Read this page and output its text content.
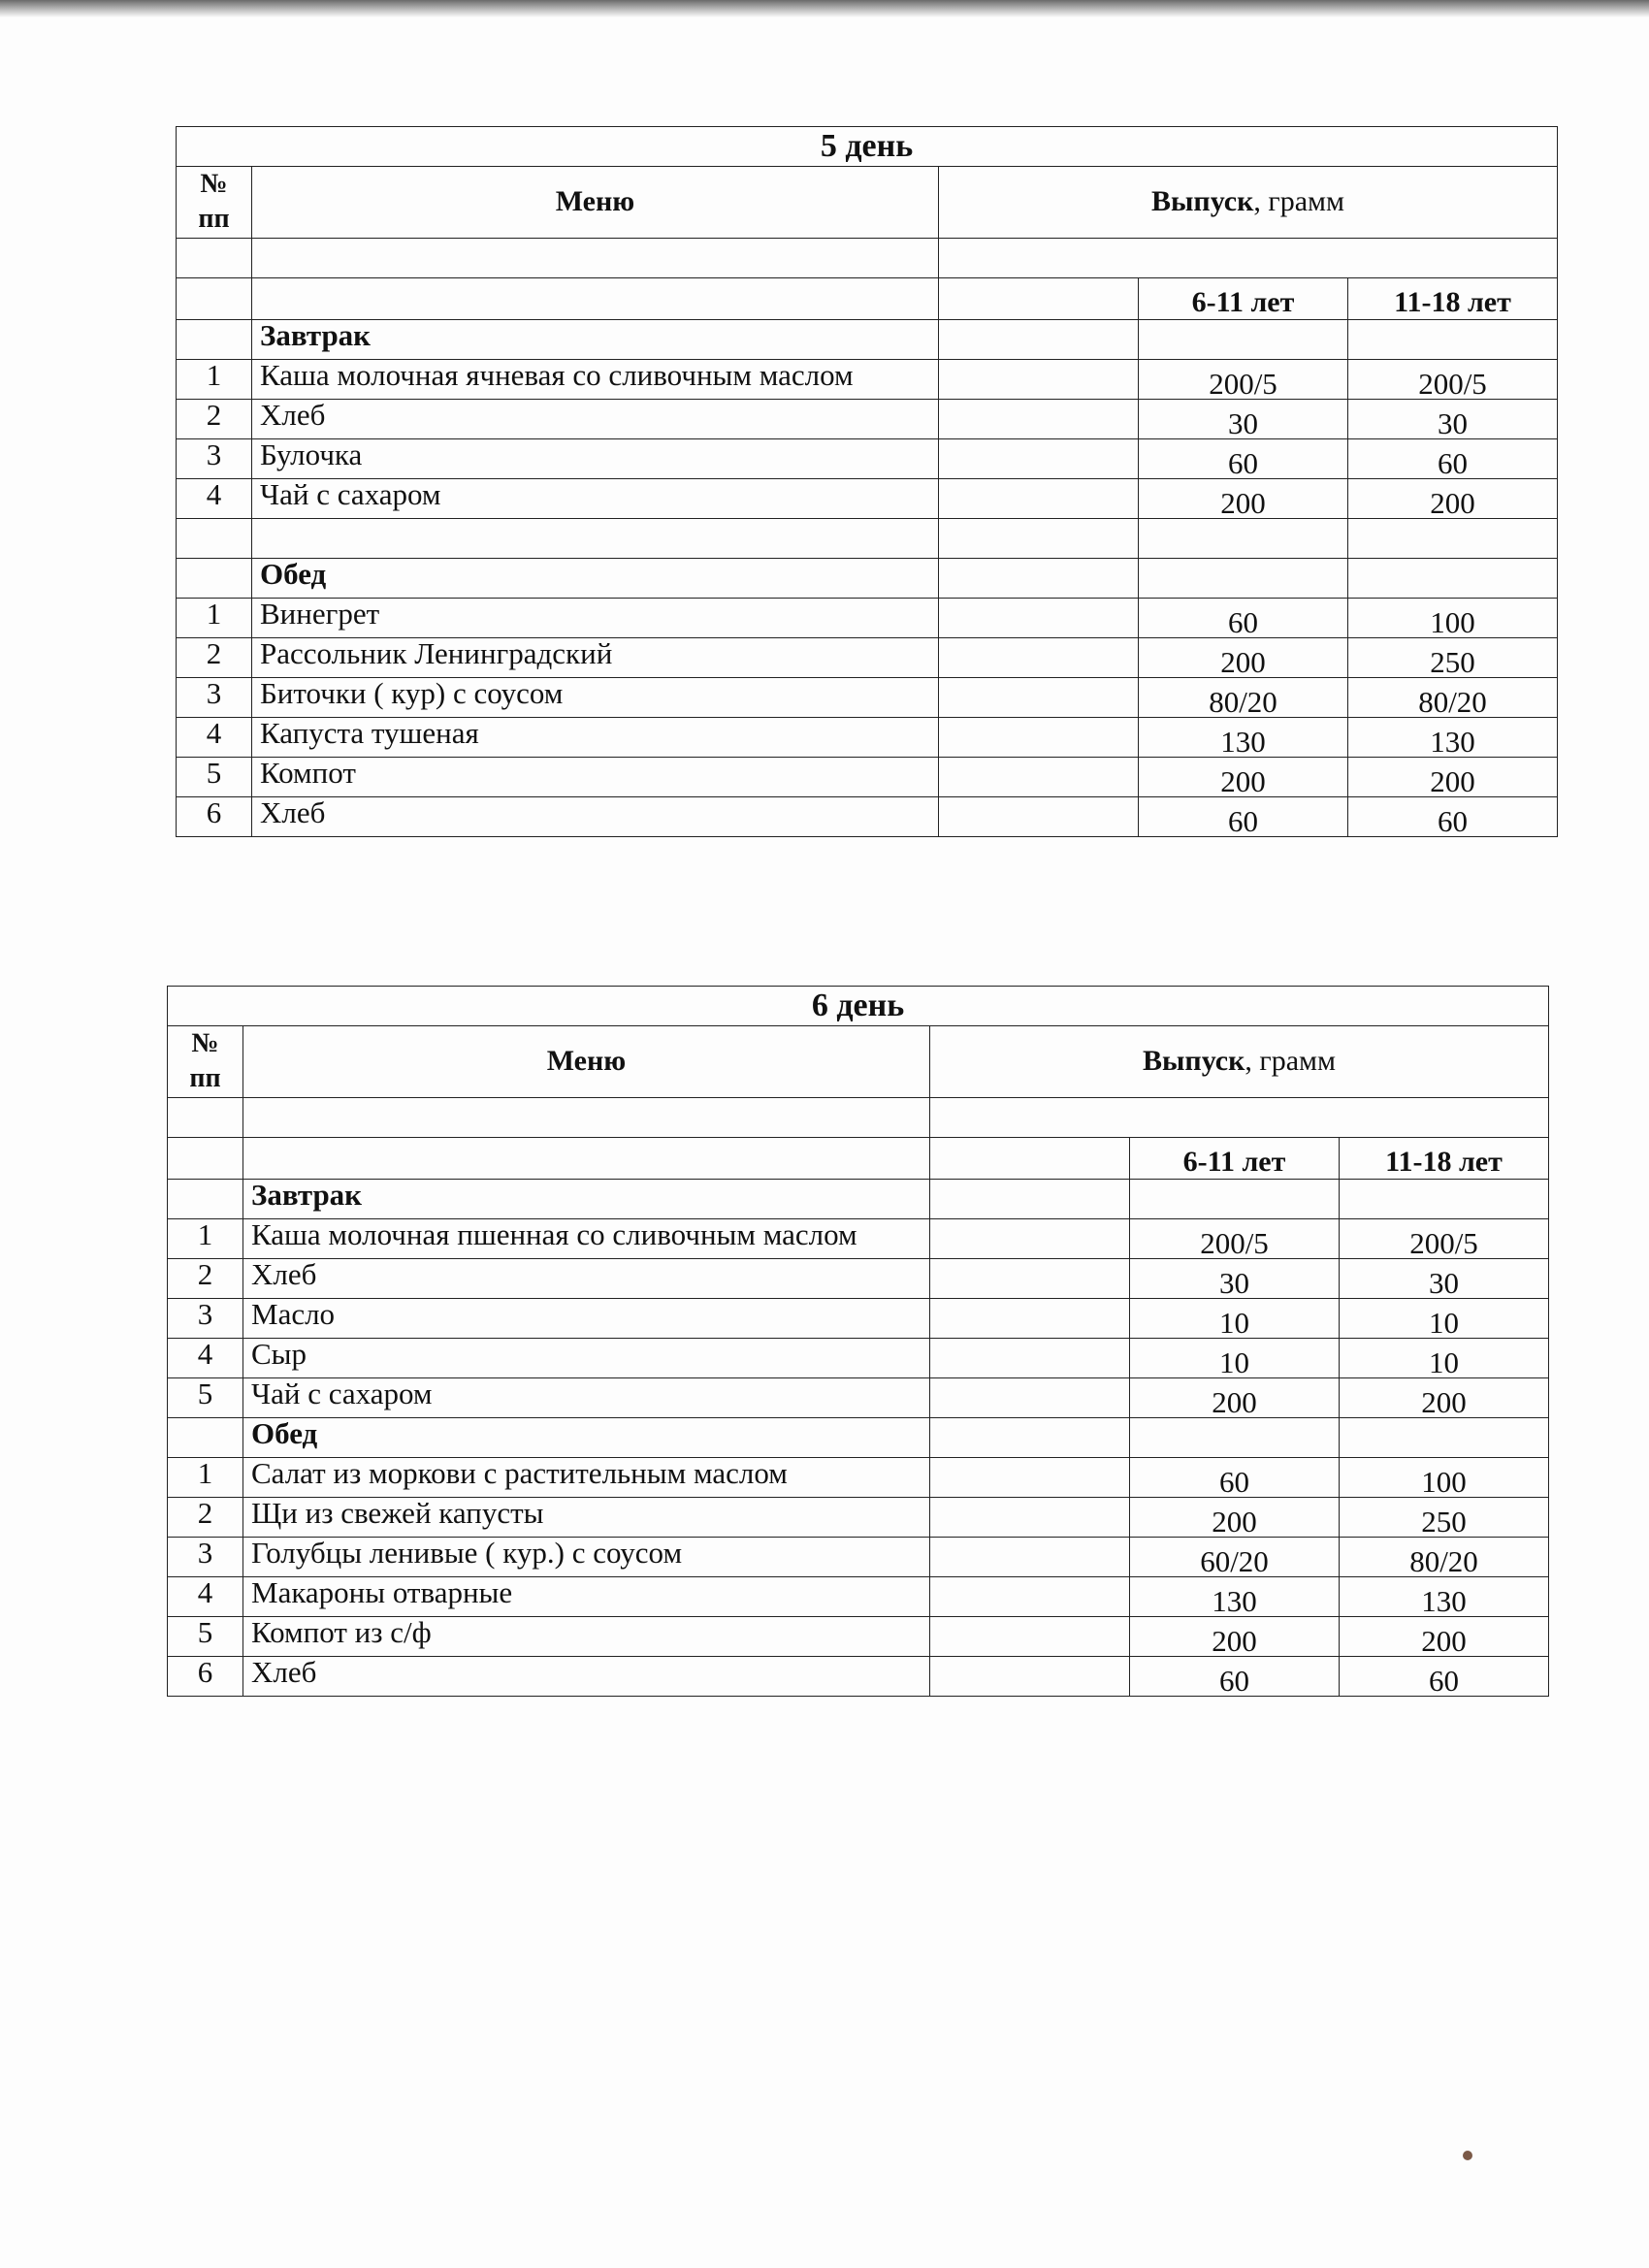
5 день				
№
пп	Меню	Выпуск, грамм		

			6-11 лет	11-18 лет
	Завтрак			
1	Каша молочная ячневая со сливочным маслом		200/5	200/5
2	Хлеб		30	30
3	Булочка		60	60
4	Чай с сахаром		200	200

	Обед			
1	Винегрет		60	100
2	Рассольник Ленинградский		200	250
3	Биточки ( кур) с соусом		80/20	80/20
4	Капуста тушеная		130	130
5	Компот		200	200
6	Хлеб		60	60
6 день				
№
пп	Меню	Выпуск, грамм		

			6-11 лет	11-18 лет
	Завтрак			
1	Каша молочная пшенная со сливочным маслом		200/5	200/5
2	Хлеб		30	30
3	Масло		10	10
4	Сыр		10	10
5	Чай с сахаром		200	200
	Обед			
1	Салат из моркови с растительным маслом		60	100
2	Щи из свежей капусты		200	250
3	Голубцы ленивые ( кур.) с соусом		60/20	80/20
4	Макароны отварные		130	130
5	Компот из с/ф		200	200
6	Хлеб		60	60
